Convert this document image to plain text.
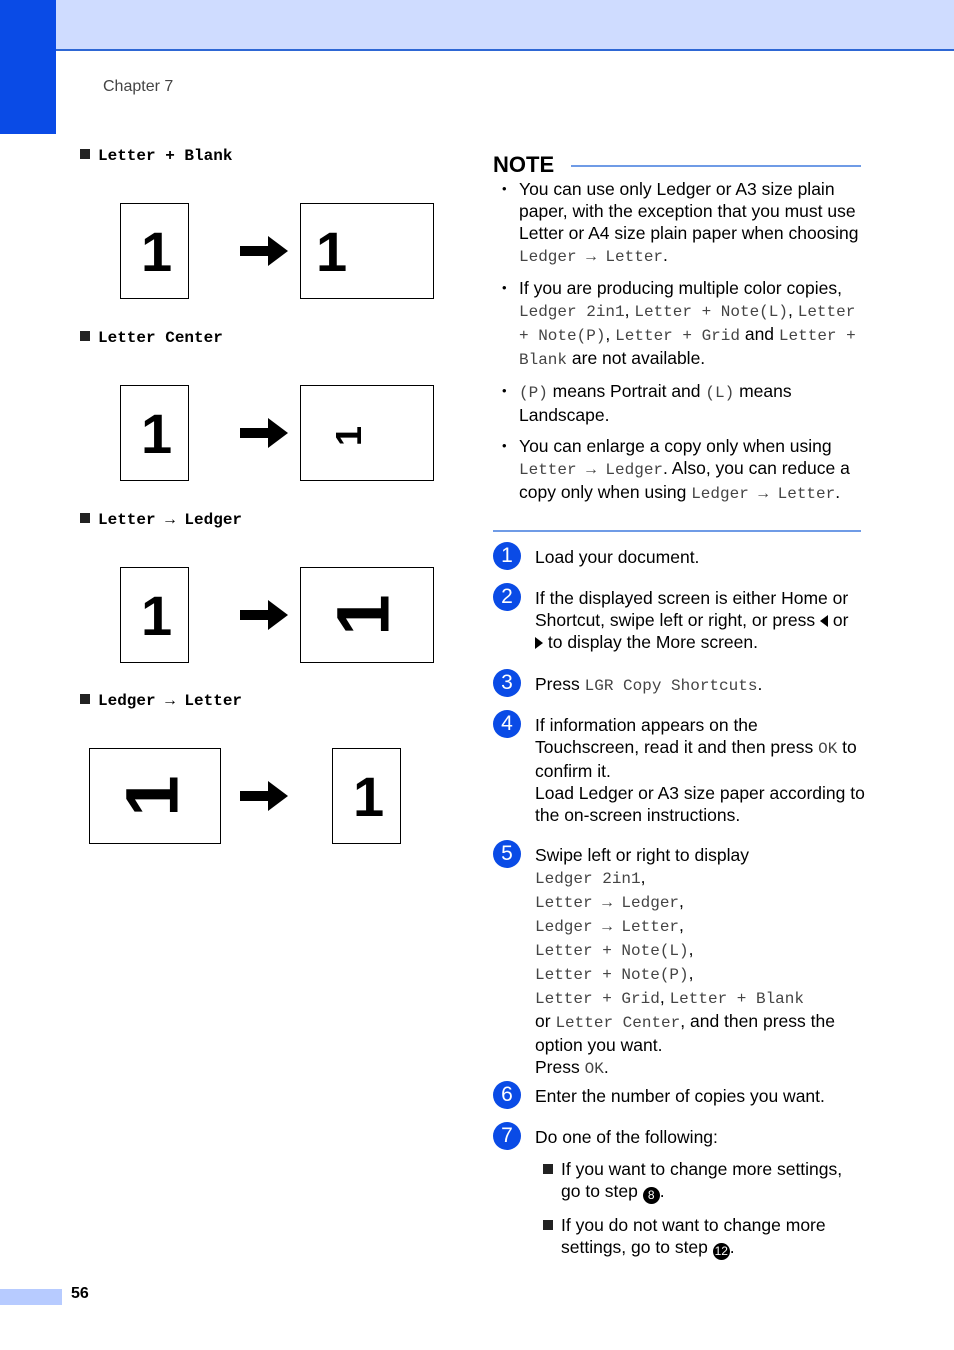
Chapter 7
Letter + Blank
1	1
Letter Center
1	1
Letter → Ledger
1 1
Ledger → Letter
1	1
NOTE
• You can use only Ledger or A3 size plain paper, with the exception that you must use Letter or A4 size plain paper when choosing Ledger → Letter.
• If you are producing multiple color copies, Ledger 2in1, Letter + Note(L), Letter + Note(P), Letter + Grid and Letter + Blank are not available.
• (P) means Portrait and (L) means Landscape.
• You can enlarge a copy only when using Letter → Ledger. Also, you can reduce a copy only when using Ledger → Letter.
1	Load your document.
2	If the displayed screen is either Home or Shortcut, swipe left or right, or press  or
to display the More screen.
3	Press LGR Copy Shortcuts.
4	If information appears on the Touchscreen, read it and then press OK to confirm it.
Load Ledger or A3 size paper according to the on-screen instructions.
5	Swipe left or right to display
Ledger 2in1,
Letter → Ledger,
Ledger → Letter,
Letter + Note(L),
Letter + Note(P),
Letter + Grid, Letter + Blank
or Letter Center, and then press the option you want.
Press OK.
6	Enter the number of copies you want.
7	Do one of the following:
If you want to change more settings, go to step 8 .
If you do not want to change more settings, go to step 12 .
56
